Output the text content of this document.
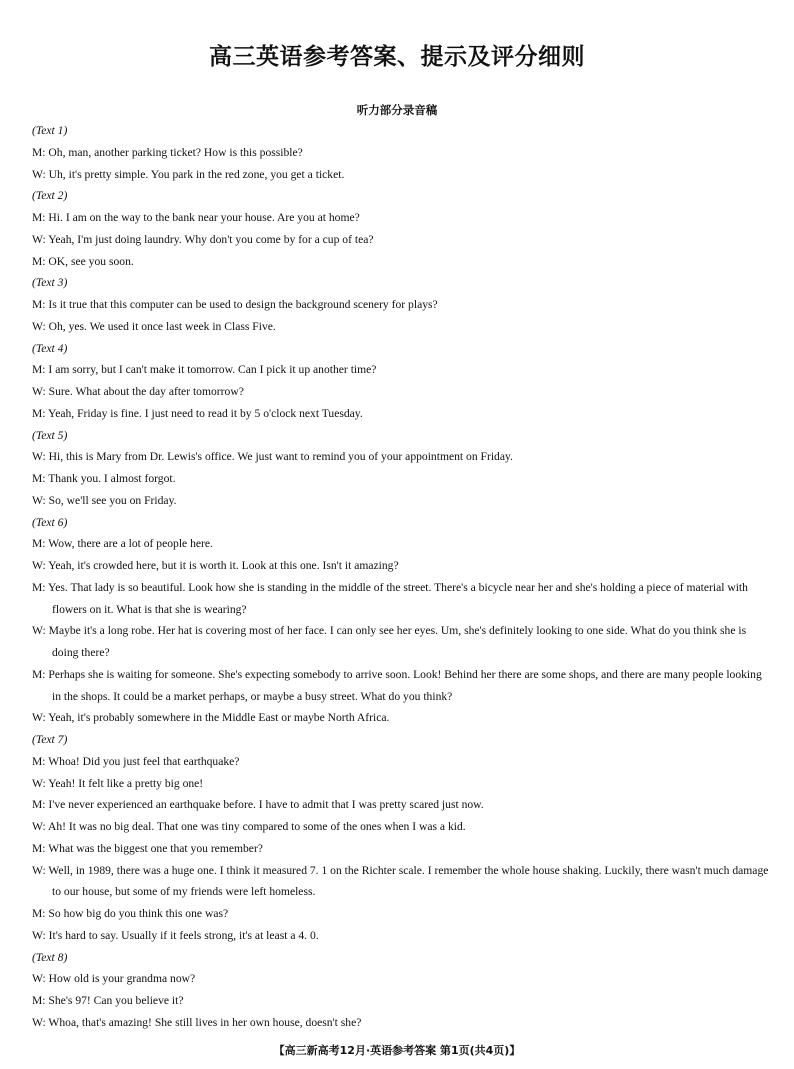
高三英语参考答案、提示及评分细则
听力部分录音稿
(Text 1)
M: Oh, man, another parking ticket? How is this possible?
W: Uh, it's pretty simple. You park in the red zone, you get a ticket.
(Text 2)
M: Hi. I am on the way to the bank near your house. Are you at home?
W: Yeah, I'm just doing laundry. Why don't you come by for a cup of tea?
M: OK, see you soon.
(Text 3)
M: Is it true that this computer can be used to design the background scenery for plays?
W: Oh, yes. We used it once last week in Class Five.
(Text 4)
M: I am sorry, but I can't make it tomorrow. Can I pick it up another time?
W: Sure. What about the day after tomorrow?
M: Yeah, Friday is fine. I just need to read it by 5 o'clock next Tuesday.
(Text 5)
W: Hi, this is Mary from Dr. Lewis's office. We just want to remind you of your appointment on Friday.
M: Thank you. I almost forgot.
W: So, we'll see you on Friday.
(Text 6)
M: Wow, there are a lot of people here.
W: Yeah, it's crowded here, but it is worth it. Look at this one. Isn't it amazing?
M: Yes. That lady is so beautiful. Look how she is standing in the middle of the street. There's a bicycle near her and she's holding a piece of material with flowers on it. What is that she is wearing?
W: Maybe it's a long robe. Her hat is covering most of her face. I can only see her eyes. Um, she's definitely looking to one side. What do you think she is doing there?
M: Perhaps she is waiting for someone. She's expecting somebody to arrive soon. Look! Behind her there are some shops, and there are many people looking in the shops. It could be a market perhaps, or maybe a busy street. What do you think?
W: Yeah, it's probably somewhere in the Middle East or maybe North Africa.
(Text 7)
M: Whoa! Did you just feel that earthquake?
W: Yeah! It felt like a pretty big one!
M: I've never experienced an earthquake before. I have to admit that I was pretty scared just now.
W: Ah! It was no big deal. That one was tiny compared to some of the ones when I was a kid.
M: What was the biggest one that you remember?
W: Well, in 1989, there was a huge one. I think it measured 7. 1 on the Richter scale. I remember the whole house shaking. Luckily, there wasn't much damage to our house, but some of my friends were left homeless.
M: So how big do you think this one was?
W: It's hard to say. Usually if it feels strong, it's at least a 4. 0.
(Text 8)
W: How old is your grandma now?
M: She's 97! Can you believe it?
W: Whoa, that's amazing! She still lives in her own house, doesn't she?
【高三新高考12月·英语参考答案 第1页(共4页)】
